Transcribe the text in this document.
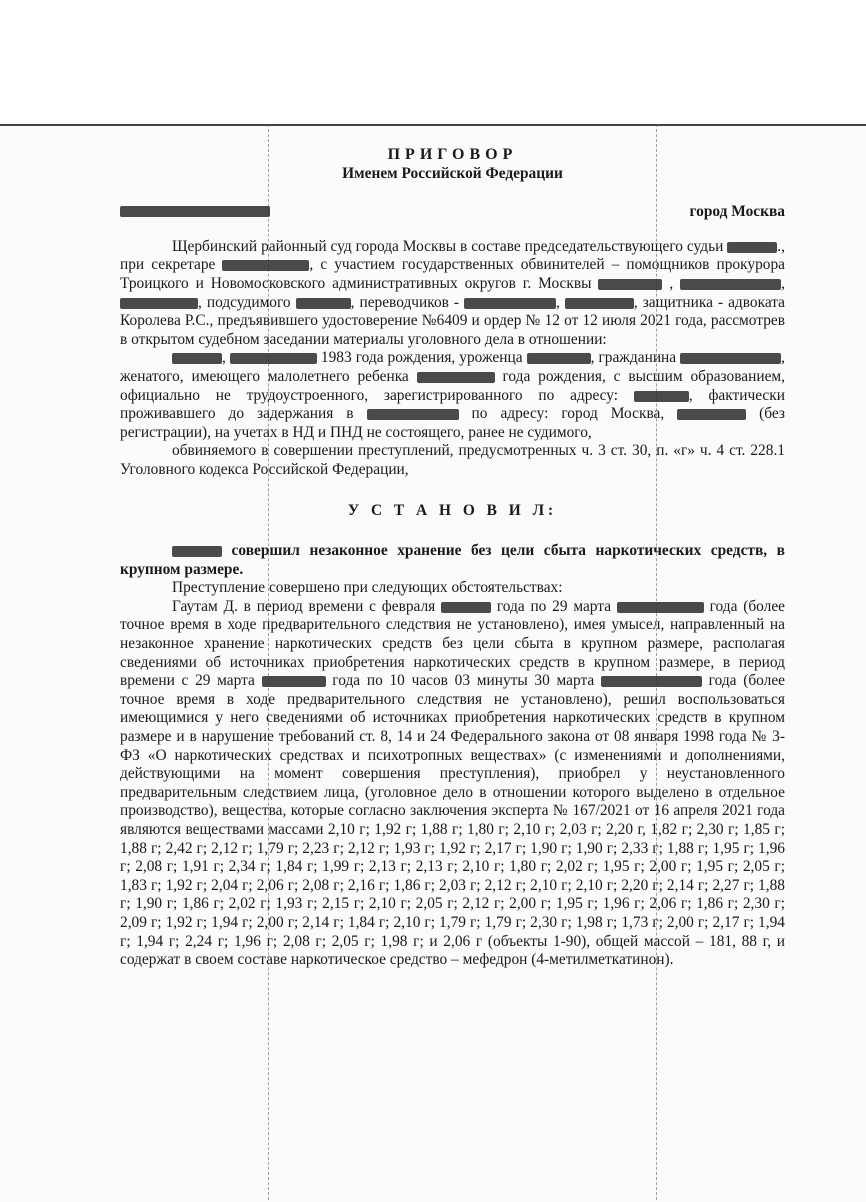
ПРИГОВОР

Именем Российской Федерации

город Москва

Щербинский районный суд города Москвы в составе председательствующего судьи	., при секретаре	, с участием государственных обвинителей – помощников прокурора Троицкого и Новомосковского административных округов г. Москвы	,	, , подсудимого	, переводчиков -	,	, защитника - адвоката Королева Р.С., предъявившего удостоверение №6409 и ордер № 12 от 12 июля 2021 года, рассмотрев в открытом судебном заседании материалы уголовного дела в отношении:

,	1983 года рождения, уроженца	, гражданина	, женатого, имеющего малолетнего ребенка	года рождения, с высшим образованием, официально не трудоустроенного, зарегистрированного по адресу:	, фактически проживавшего до задержания в	по адресу: город Москва,	(без регистрации), на учетах в НД и ПНД не состоящего, ранее не судимого,

обвиняемого в совершении преступлений, предусмотренных ч. 3 ст. 30, п. «г» ч. 4 ст. 228.1 Уголовного кодекса Российской Федерации,

У С Т А Н О В И Л:

совершил незаконное хранение без цели сбыта наркотических средств, в крупном размере.

Преступление совершено при следующих обстоятельствах:

Гаутам Д. в период времени с февраля	года по 29 марта	года (более точное время в ходе предварительного следствия не установлено), имея умысел, направленный на незаконное хранение наркотических средств без цели сбыта в крупном размере, располагая сведениями об источниках приобретения наркотических средств в крупном размере, в период времени с 29 марта	года по 10 часов 03 минуты 30 марта	года (более точное время в ходе предварительного следствия не установлено), решил воспользоваться имеющимися у него сведениями об источниках приобретения наркотических средств в крупном размере и в нарушение требований ст. 8, 14 и 24 Федерального закона от 08 января 1998 года № 3-ФЗ «О наркотических средствах и психотропных веществах» (с изменениями и дополнениями, действующими на момент совершения преступления), приобрел у неустановленного предварительным следствием лица, (уголовное дело в отношении которого выделено в отдельное производство), вещества, которые согласно заключения эксперта № 167/2021 от 16 апреля 2021 года являются веществами массами 2,10 г; 1,92 г; 1,88 г; 1,80 г; 2,10 г; 2,03 г; 2,20 г, 1,82 г; 2,30 г; 1,85 г; 1,88 г; 2,42 г; 2,12 г; 1,79 г; 2,23 г; 2,12 г; 1,93 г; 1,92 г; 2,17 г; 1,90 г; 1,90 г; 2,33 г; 1,88 г; 1,95 г; 1,96 г; 2,08 г; 1,91 г; 2,34 г; 1,84 г; 1,99 г; 2,13 г; 2,13 г; 2,10 г; 1,80 г; 2,02 г; 1,95 г; 2,00 г; 1,95 г; 2,05 г; 1,83 г; 1,92 г; 2,04 г; 2,06 г; 2,08 г; 2,16 г; 1,86 г; 2,03 г; 2,12 г; 2,10 г; 2,10 г; 2,20 г; 2,14 г; 2,27 г; 1,88 г; 1,90 г; 1,86 г; 2,02 г; 1,93 г; 2,15 г; 2,10 г; 2,05 г; 2,12 г; 2,00 г; 1,95 г; 1,96 г; 2,06 г; 1,86 г; 2,30 г; 2,09 г; 1,92 г; 1,94 г; 2,00 г; 2,14 г; 1,84 г; 2,10 г; 1,79 г; 1,79 г; 2,30 г; 1,98 г; 1,73 г; 2,00 г; 2,17 г; 1,94 г; 1,94 г; 2,24 г; 1,96 г; 2,08 г; 2,05 г; 1,98 г; и 2,06 г (объекты 1-90), общей массой – 181, 88 г, и содержат в своем составе наркотическое средство – мефедрон (4-метилметкатинон).
